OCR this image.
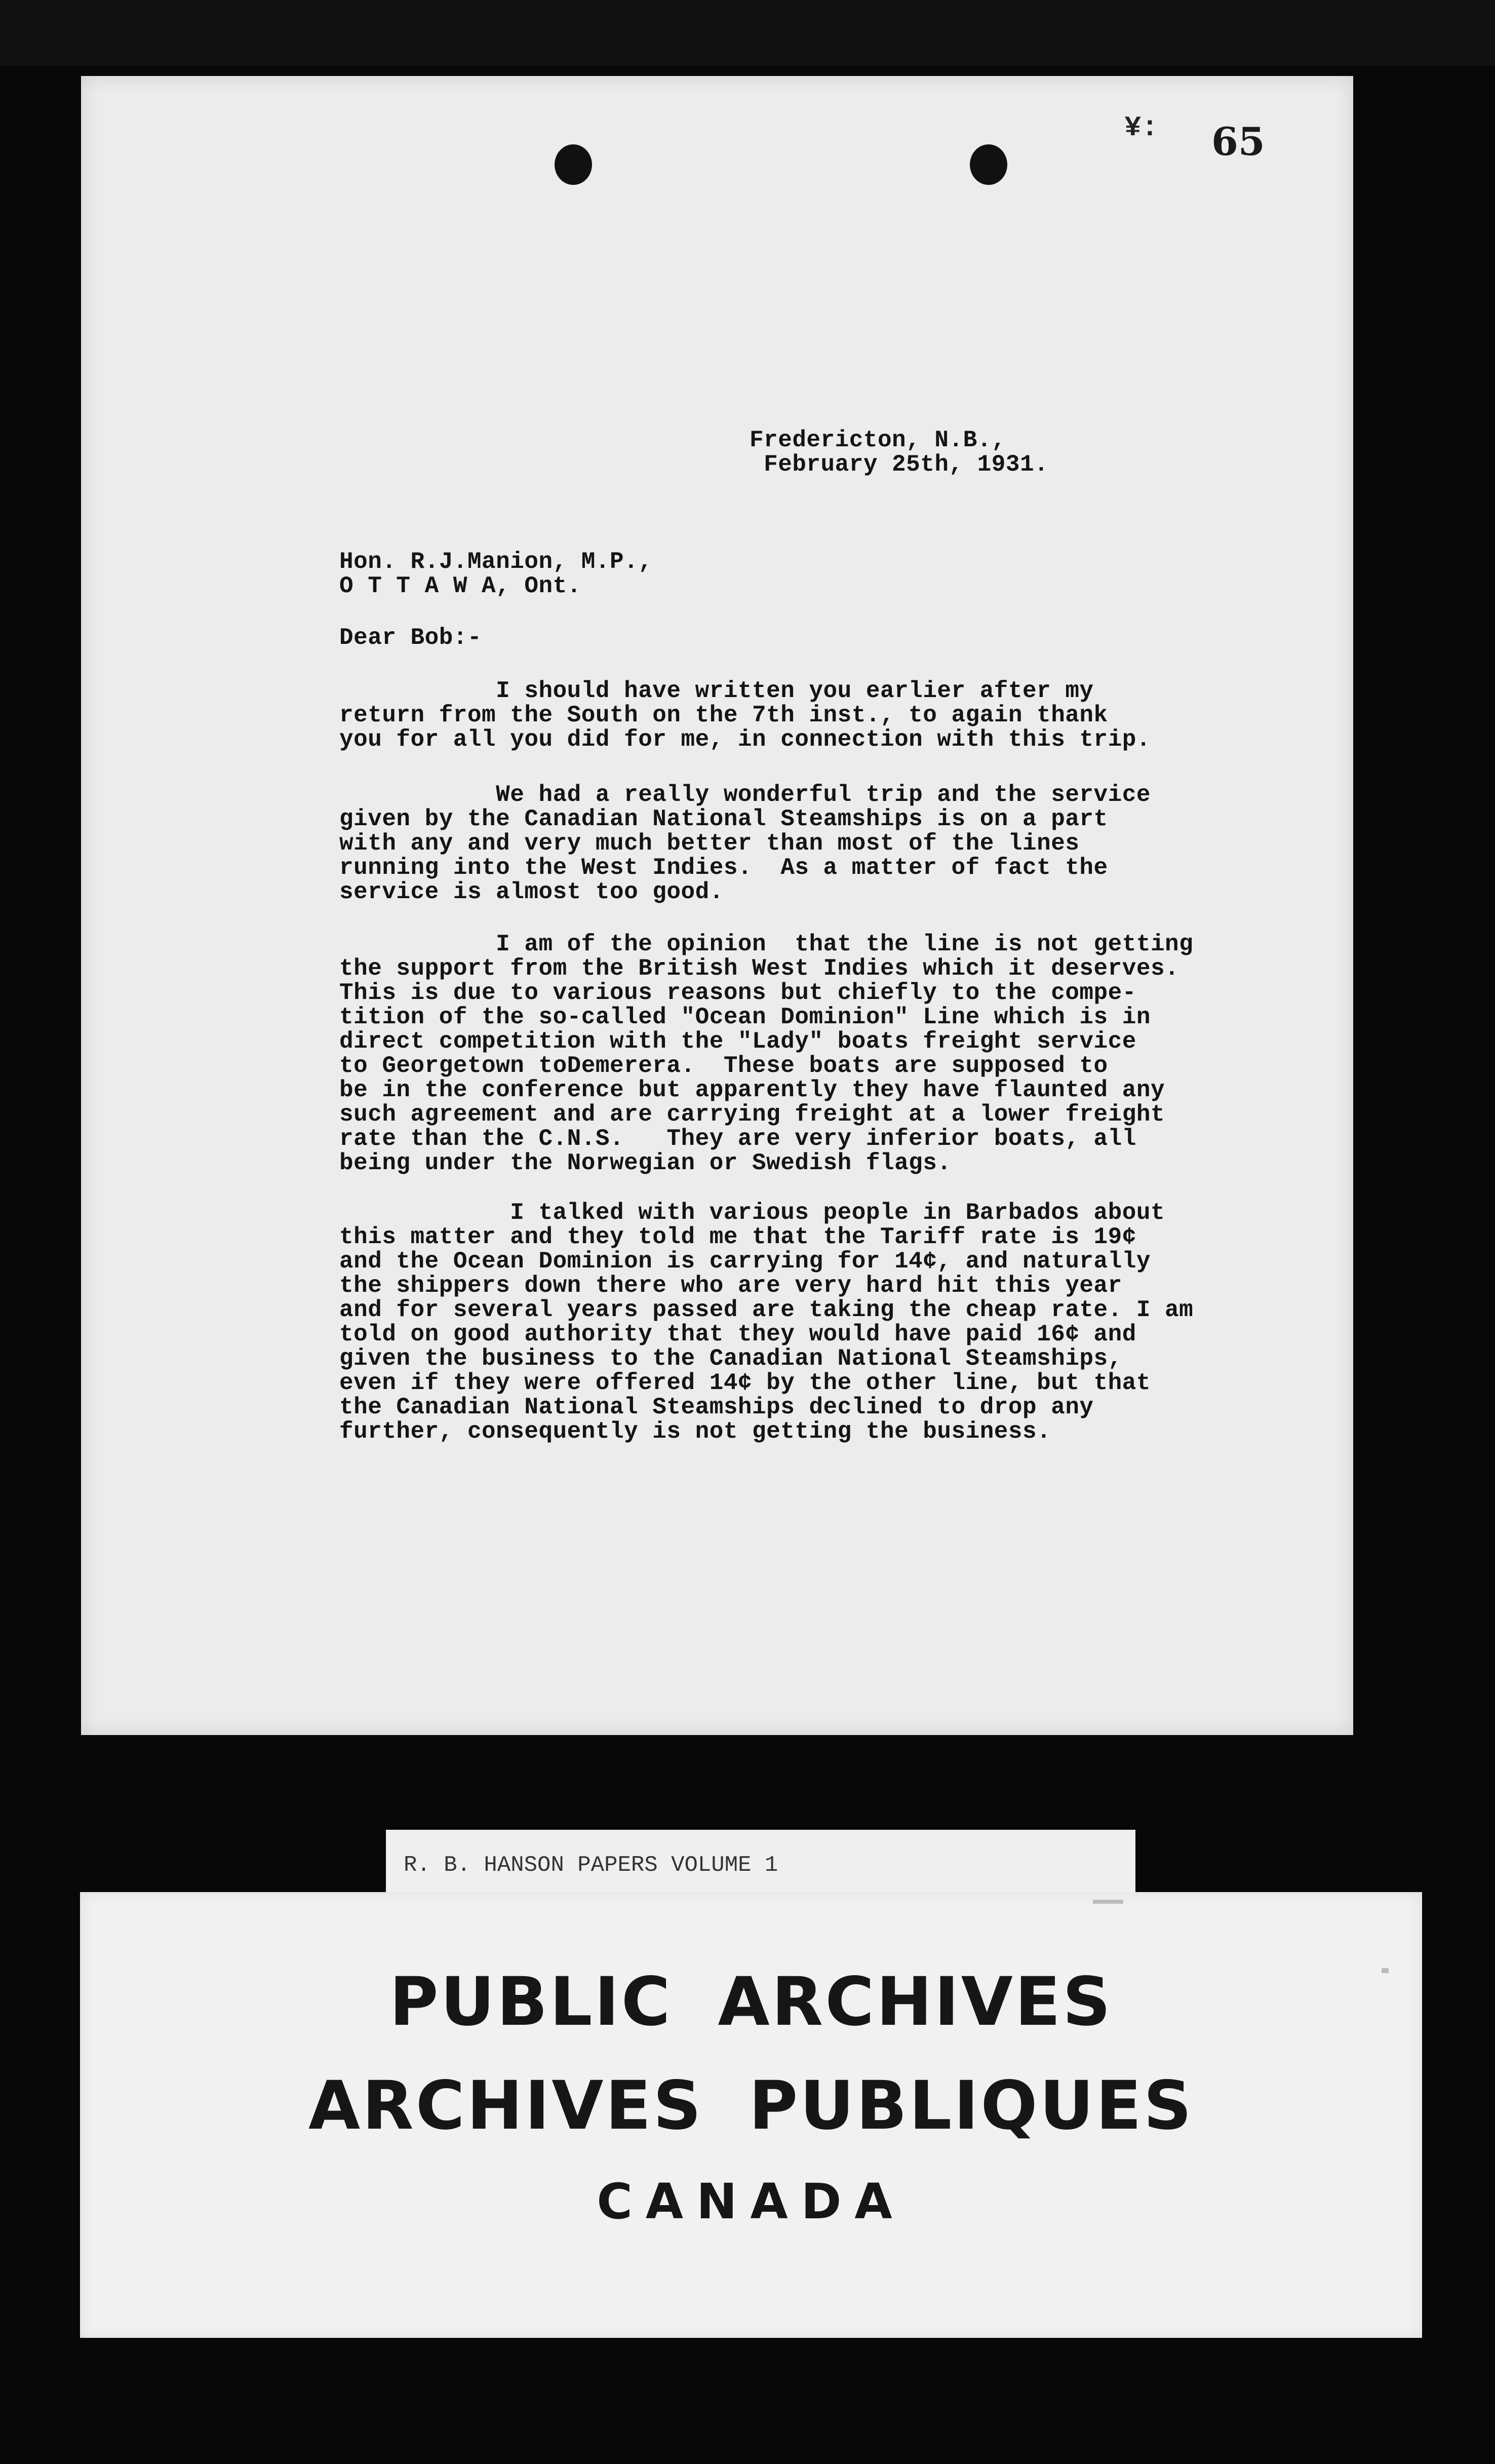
¥: 65
Fredericton, N.B.,
February 25th, 1931.
Hon. R.J.Manion, M.P.,
O T T A W A, Ont.
Dear Bob:-
I should have written you earlier after my
return from the South on the 7th inst., to again thank
you for all you did for me, in connection with this trip.
We had a really wonderful trip and the service
given by the Canadian National Steamships is on a part
with any and very much better than most of the lines
running into the West Indies.  As a matter of fact the
service is almost too good.
I am of the opinion  that the line is not getting
the support from the British West Indies which it deserves.
This is due to various reasons but chiefly to the compe-
tition of the so-called "Ocean Dominion" Line which is in
direct competition with the "Lady" boats freight service
to Georgetown toDemerera.  These boats are supposed to
be in the conference but apparently they have flaunted any
such agreement and are carrying freight at a lower freight
rate than the C.N.S.   They are very inferior boats, all
being under the Norwegian or Swedish flags.
I talked with various people in Barbados about
this matter and they told me that the Tariff rate is 19¢
and the Ocean Dominion is carrying for 14¢, and naturally
the shippers down there who are very hard hit this year
and for several years passed are taking the cheap rate. I am
told on good authority that they would have paid 16¢ and
given the business to the Canadian National Steamships,
even if they were offered 14¢ by the other line, but that
the Canadian National Steamships declined to drop any
further, consequently is not getting the business.
R. B. HANSON PAPERS VOLUME 1
PUBLIC ARCHIVES
ARCHIVES PUBLIQUES
CANADA
